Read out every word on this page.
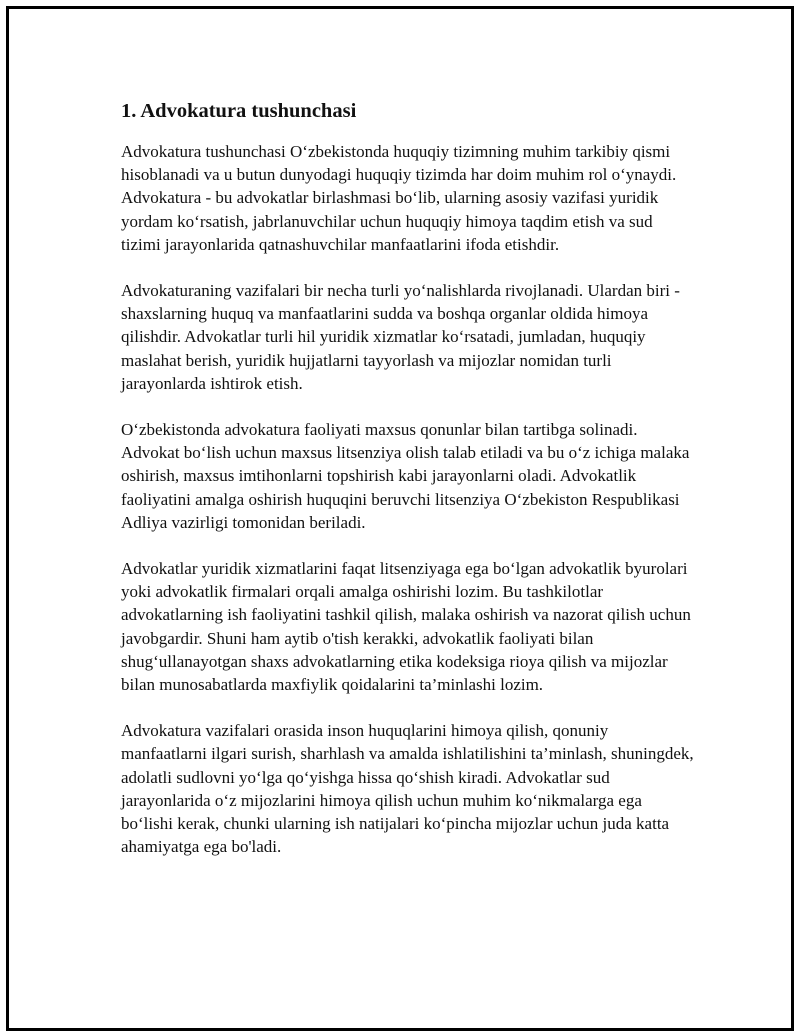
1. Advokatura tushunchasi

Advokatura tushunchasi O‘zbekistonda huquqiy tizimning muhim tarkibiy qismi hisoblanadi va u butun dunyodagi huquqiy tizimda har doim muhim rol o‘ynaydi. Advokatura - bu advokatlar birlashmasi bo‘lib, ularning asosiy vazifasi yuridik yordam ko‘rsatish, jabrlanuvchilar uchun huquqiy himoya taqdim etish va sud tizimi jarayonlarida qatnashuvchilar manfaatlarini ifoda etishdir.

Advokaturaning vazifalari bir necha turli yo‘nalishlarda rivojlanadi. Ulardan biri - shaxslarning huquq va manfaatlarini sudda va boshqa organlar oldida himoya qilishdir. Advokatlar turli hil yuridik xizmatlar ko‘rsatadi, jumladan, huquqiy maslahat berish, yuridik hujjatlarni tayyorlash va mijozlar nomidan turli jarayonlarda ishtirok etish.

O‘zbekistonda advokatura faoliyati maxsus qonunlar bilan tartibga solinadi. Advokat bo‘lish uchun maxsus litsenziya olish talab etiladi va bu o‘z ichiga malaka oshirish, maxsus imtihonlarni topshirish kabi jarayonlarni oladi. Advokatlik faoliyatini amalga oshirish huquqini beruvchi litsenziya O‘zbekiston Respublikasi Adliya vazirligi tomonidan beriladi.

Advokatlar yuridik xizmatlarini faqat litsenziyaga ega bo‘lgan advokatlik byurolari yoki advokatlik firmalari orqali amalga oshirishi lozim. Bu tashkilotlar advokatlarning ish faoliyatini tashkil qilish, malaka oshirish va nazorat qilish uchun javobgardir. Shuni ham aytib o'tish kerakki, advokatlik faoliyati bilan shug‘ullanayotgan shaxs advokatlarning etika kodeksiga rioya qilish va mijozlar bilan munosabatlarda maxfiylik qoidalarini ta’minlashi lozim.

Advokatura vazifalari orasida inson huquqlarini himoya qilish, qonuniy manfaatlarni ilgari surish, sharhlash va amalda ishlatilishini ta’minlash, shuningdek, adolatli sudlovni yo‘lga qo‘yishga hissa qo‘shish kiradi. Advokatlar sud jarayonlarida o‘z mijozlarini himoya qilish uchun muhim ko‘nikmalarga ega bo‘lishi kerak, chunki ularning ish natijalari ko‘pincha mijozlar uchun juda katta ahamiyatga ega bo'ladi.
